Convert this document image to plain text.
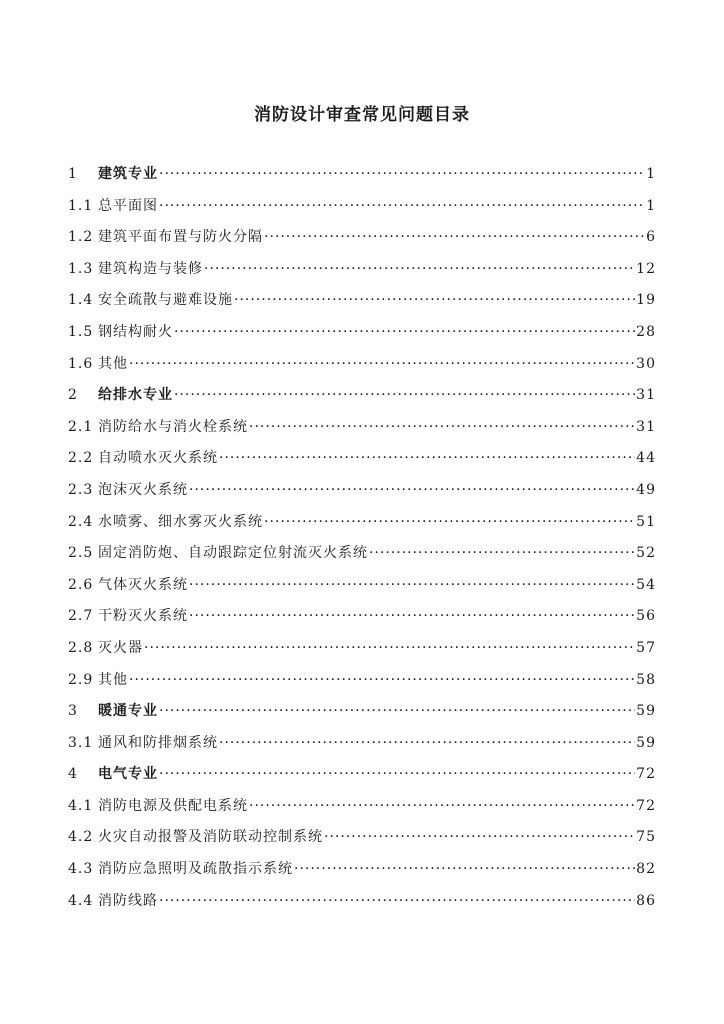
消防设计审查常见问题目录
1	建筑专业 ·····	1
1.1 总平面图 ·····	1
1.2 建筑平面布置与防火分隔 ·····	6
1.3 建筑构造与装修 ·····	12
1.4 安全疏散与避难设施 ·····	19
1.5 钢结构耐火 ·····	28
1.6 其他 ·····	30
2	给排水专业 ·····	31
2.1 消防给水与消火栓系统 ·····	31
2.2 自动喷水灭火系统 ·····	44
2.3 泡沫灭火系统 ·····	49
2.4 水喷雾、细水雾灭火系统 ·····	51
2.5 固定消防炮、自动跟踪定位射流灭火系统 ·····	52
2.6 气体灭火系统 ·····	54
2.7 干粉灭火系统 ·····	56
2.8 灭火器 ·····	57
2.9 其他 ·····	58
3	暖通专业 ·····	59
3.1 通风和防排烟系统 ·····	59
4	电气专业 ·····	72
4.1 消防电源及供配电系统 ·····	72
4.2 火灾自动报警及消防联动控制系统 ·····	75
4.3 消防应急照明及疏散指示系统 ·····	82
4.4 消防线路 ·····	86
